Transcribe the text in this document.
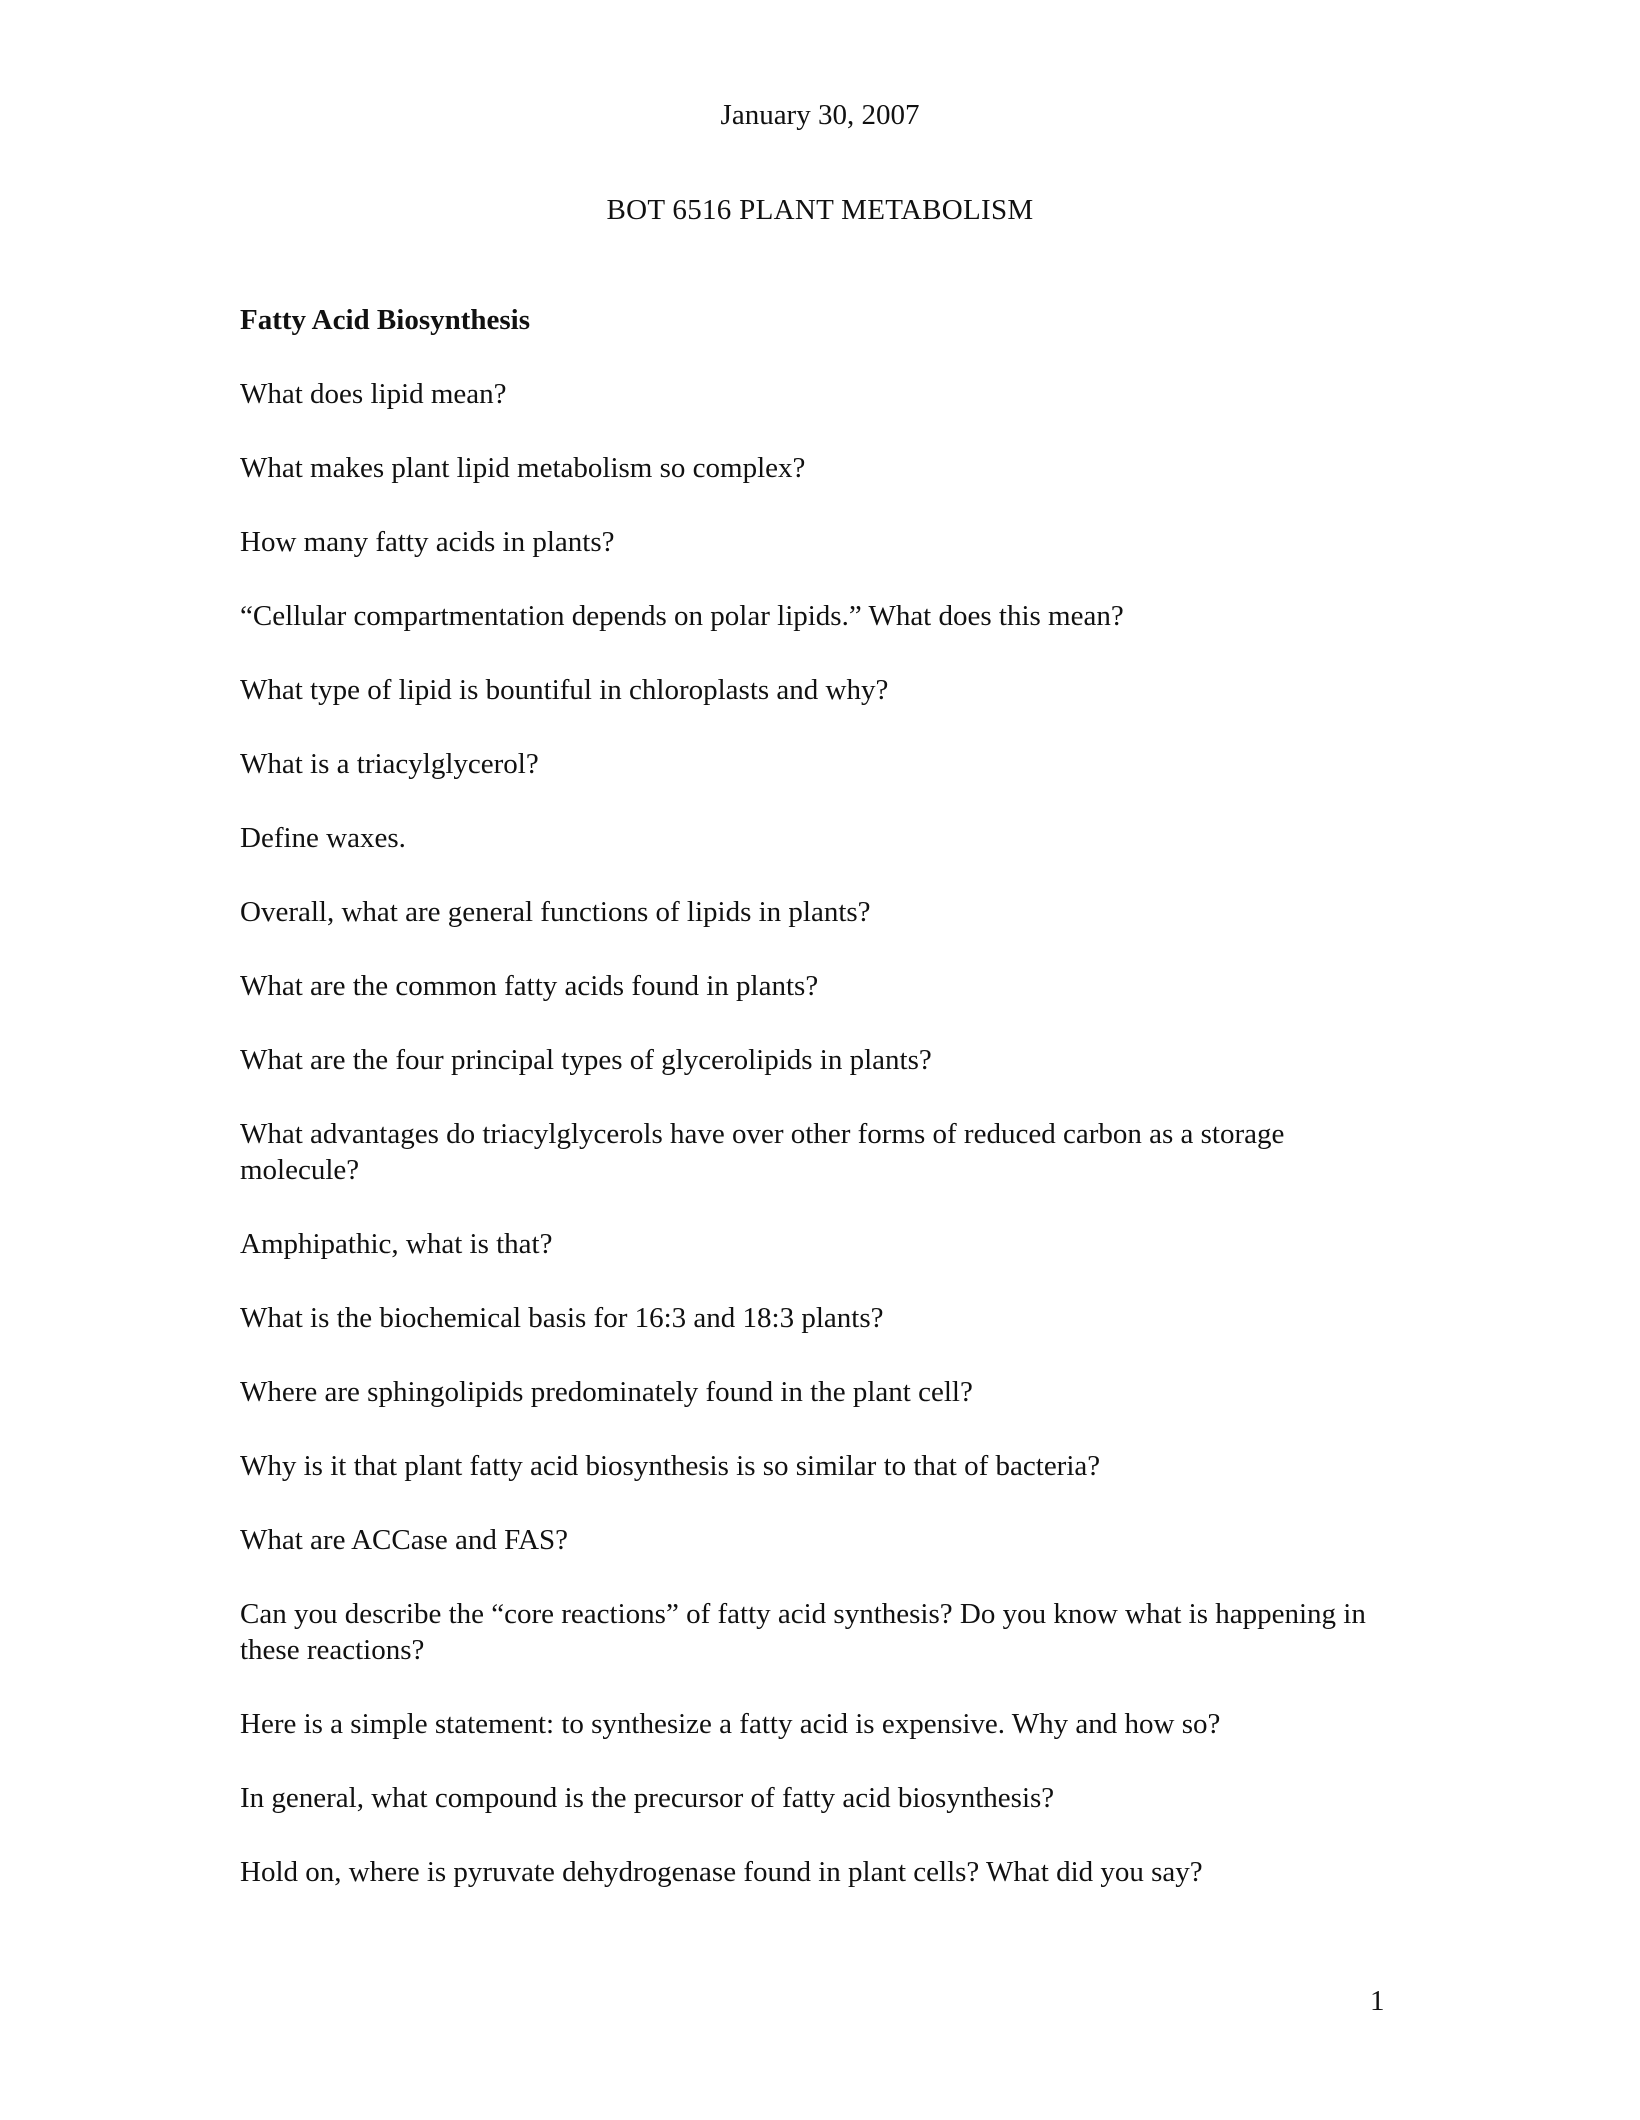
January 30, 2007
BOT 6516 PLANT METABOLISM
Fatty Acid Biosynthesis
What does lipid mean?
What makes plant lipid metabolism so complex?
How many fatty acids in plants?
“Cellular compartmentation depends on polar lipids.” What does this mean?
What type of lipid is bountiful in chloroplasts and why?
What is a triacylglycerol?
Define waxes.
Overall, what are general functions of lipids in plants?
What are the common fatty acids found in plants?
What are the four principal types of glycerolipids in plants?
What advantages do triacylglycerols have over other forms of reduced carbon as a storage molecule?
Amphipathic, what is that?
What is the biochemical basis for 16:3 and 18:3 plants?
Where are sphingolipids predominately found in the plant cell?
Why is it that plant fatty acid biosynthesis is so similar to that of bacteria?
What are ACCase and FAS?
Can you describe the “core reactions” of fatty acid synthesis? Do you know what is happening in these reactions?
Here is a simple statement: to synthesize a fatty acid is expensive. Why and how so?
In general, what compound is the precursor of fatty acid biosynthesis?
Hold on, where is pyruvate dehydrogenase found in plant cells? What did you say?
1
